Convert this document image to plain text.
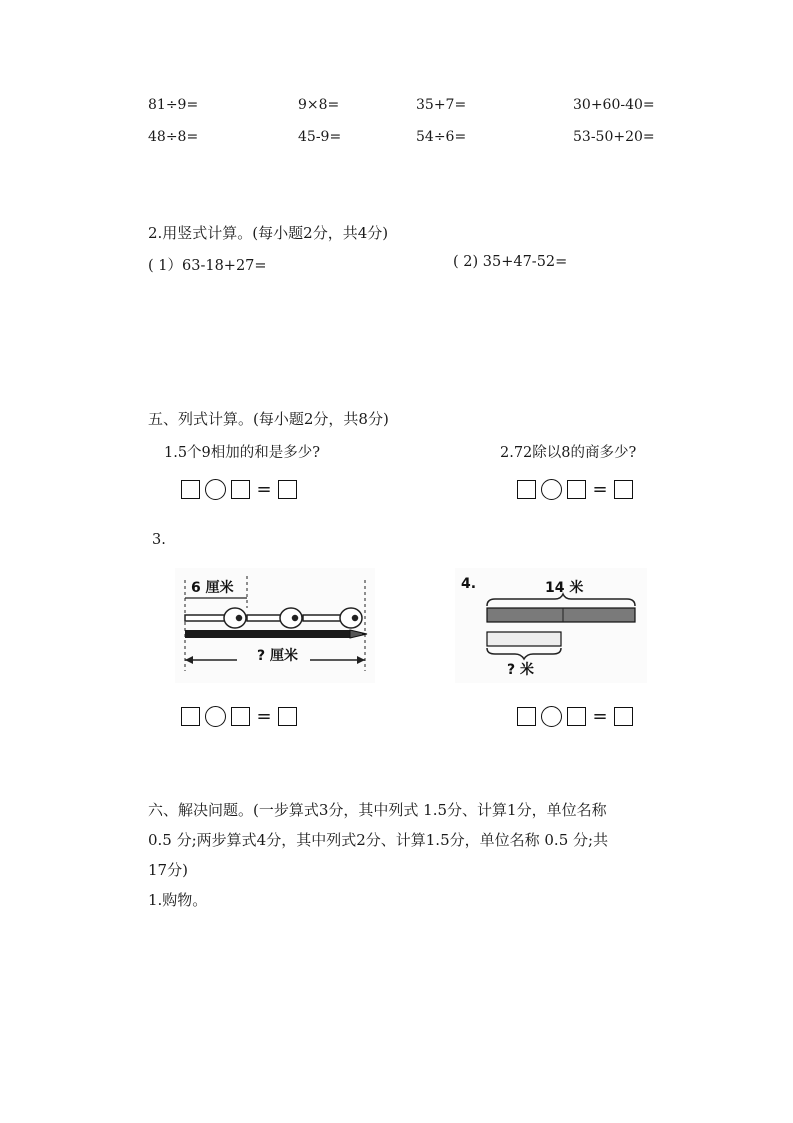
81÷9=	9×8=	35+7=	30+60-40=
48÷8=	45-9=	54÷6=	53-50+20=
2.用竖式计算。(每小题2分，共4分)
( 1）63-18+27=	( 2) 35+47-52=
五、列式计算。(每小题2分，共8分)
1.5个9相加的和是多少?	2.72除以8的商多少?
=	=
3.
6 厘米
? 厘米
4.	14 米
? 米
=	=
六、解决问题。(一步算式3分，其中列式 1.5分、计算1分，单位名称
0.5 分;两步算式4分，其中列式2分、计算1.5分，单位名称 0.5 分;共
17分)
1.购物。
